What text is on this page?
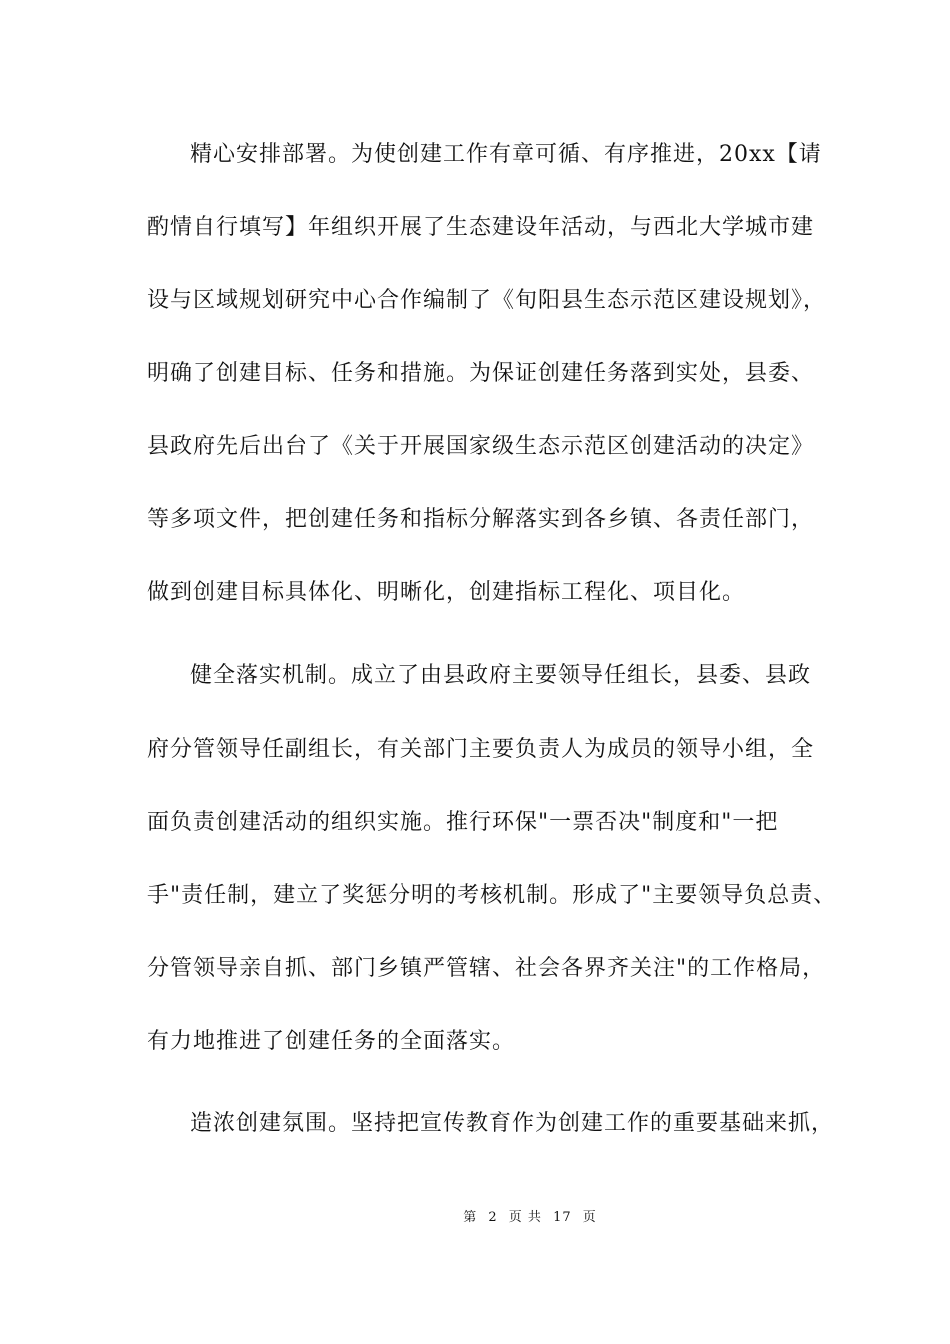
精心安排部署。为使创建工作有章可循、有序推进，20xx【请
酌情自行填写】年组织开展了生态建设年活动，与西北大学城市建
设与区域规划研究中心合作编制了《旬阳县生态示范区建设规划》，
明确了创建目标、任务和措施。为保证创建任务落到实处，县委、
县政府先后出台了《关于开展国家级生态示范区创建活动的决定》
等多项文件，把创建任务和指标分解落实到各乡镇、各责任部门，
做到创建目标具体化、明晰化，创建指标工程化、项目化。
健全落实机制。成立了由县政府主要领导任组长，县委、县政
府分管领导任副组长，有关部门主要负责人为成员的领导小组，全
面负责创建活动的组织实施。推行环保"一票否决"制度和"一把
手"责任制，建立了奖惩分明的考核机制。形成了"主要领导负总责、
分管领导亲自抓、部门乡镇严管辖、社会各界齐关注"的工作格局，
有力地推进了创建任务的全面落实。
造浓创建氛围。坚持把宣传教育作为创建工作的重要基础来抓，
第 2 页 共 17 页
